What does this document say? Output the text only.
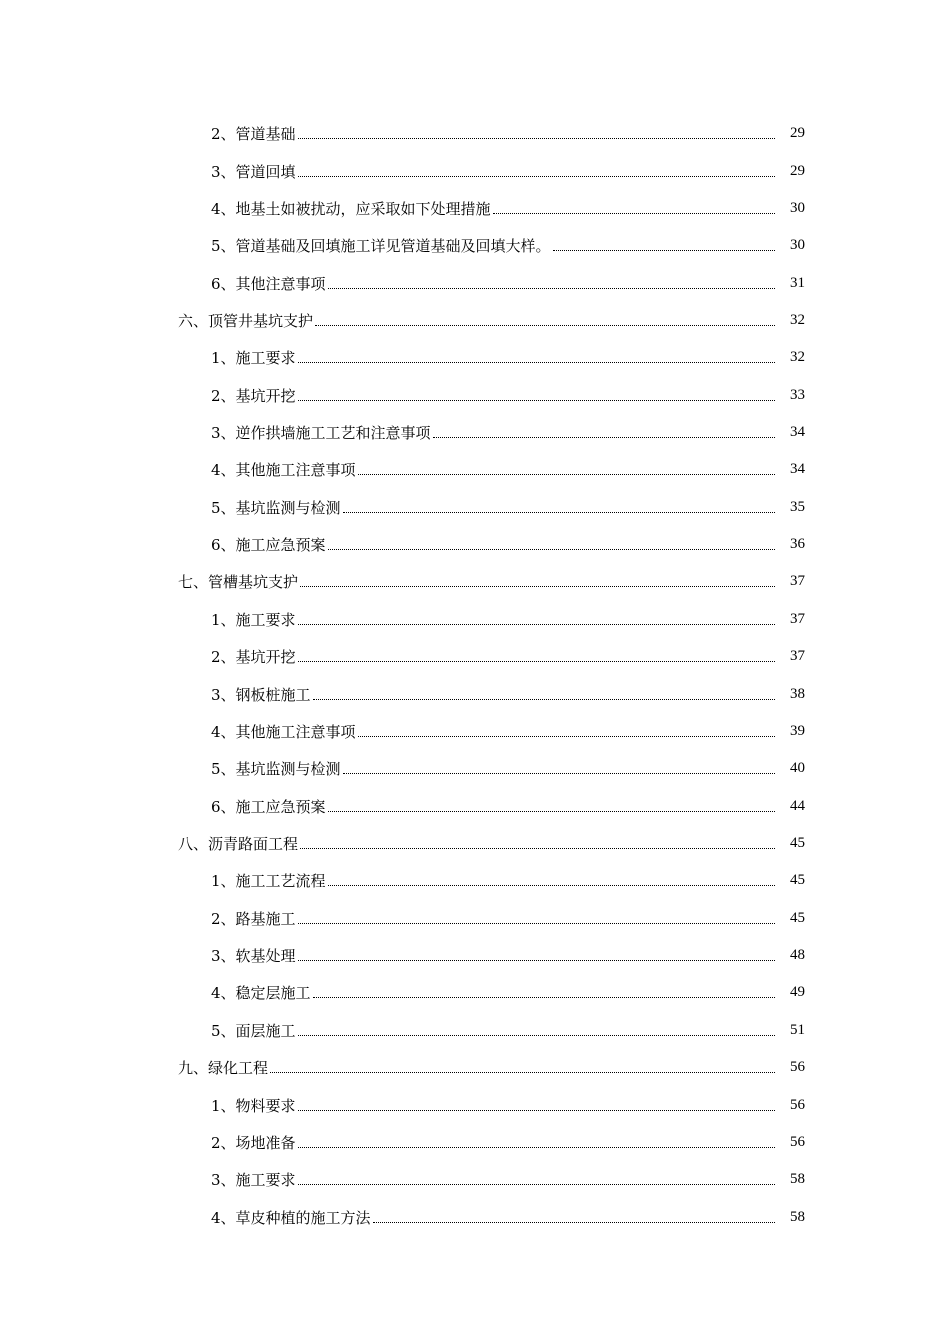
2、 管道基础	29
3、 管道回填	29
4、 地基土如被扰动，应采取如下处理措施	30
5、 管道基础及回填施工详见管道基础及回填大样。	30
6、 其他注意事项	31
六、 顶管井基坑支护	32
1、 施工要求	32
2、 基坑开挖	33
3、 逆作拱墙施工工艺和注意事项	34
4、 其他施工注意事项	34
5、 基坑监测与检测	35
6、 施工应急预案	36
七、 管槽基坑支护	37
1、 施工要求	37
2、 基坑开挖	37
3、 钢板桩施工	38
4、 其他施工注意事项	39
5、 基坑监测与检测	40
6、 施工应急预案	44
八、 沥青路面工程	45
1、 施工工艺流程	45
2、 路基施工	45
3、 软基处理	48
4、 稳定层施工	49
5、 面层施工	51
九、 绿化工程	56
1、 物料要求	56
2、 场地准备	56
3、 施工要求	58
4、 草皮种植的施工方法	58
